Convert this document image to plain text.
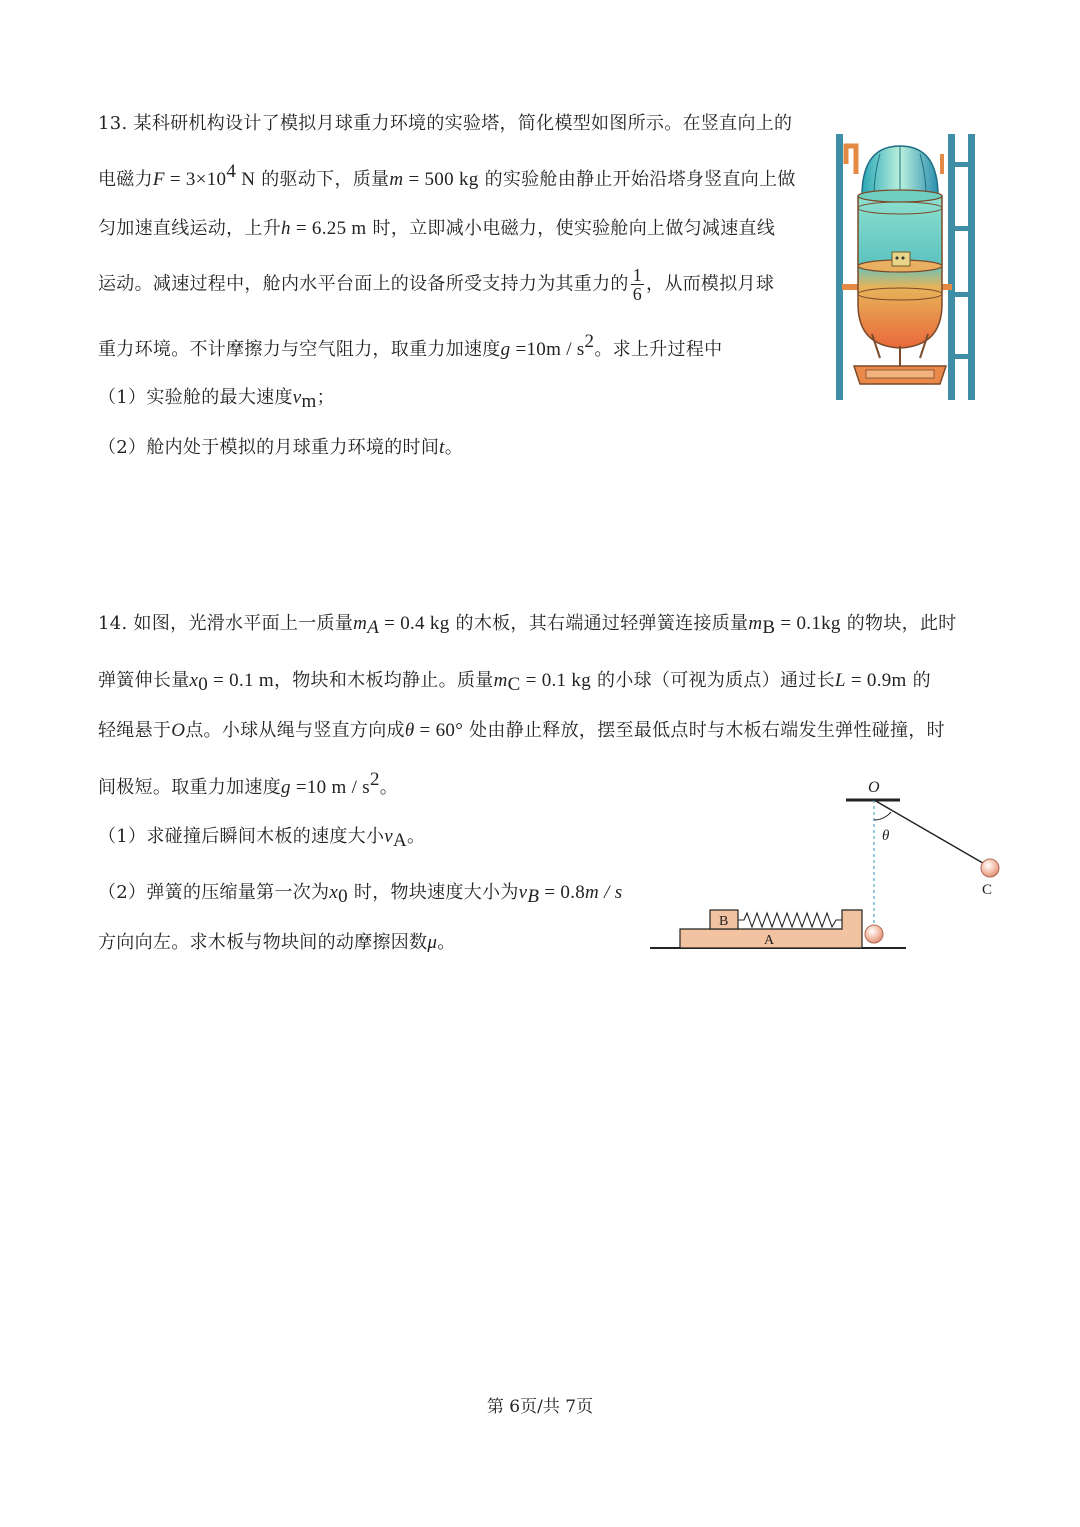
13. 某科研机构设计了模拟月球重力环境的实验塔，简化模型如图所示。在竖直向上的
电磁力$F = 3\times 10^4$ N 的驱动下，质量m = 500 kg 的实验舱由静止开始沿塔身竖直向上做
匀加速直线运动，上升h = 6.25 m 时，立即减小电磁力，使实验舱向上做匀减速直线
运动。减速过程中，舱内水平台面上的设备所受支持力为其重力的 $\frac{1}{6}$ ，从而模拟月球
重力环境。不计摩擦力与空气阻力，取重力加速度$g =10m / s^2$。求上升过程中
（1）实验舱的最大速度$v_m$；
（2）舱内处于模拟的月球重力环境的时间t。
14. 如图，光滑水平面上一质量$m_A = 0.4$ kg 的木板，其右端通过轻弹簧连接质量$m_B = 0.1kg$ 的物块，此时
弹簧伸长量$x_0 = 0.1$ m，物块和木板均静止。质量$m_C = 0.1$ kg 的小球（可视为质点）通过长L = 0.9m 的
轻绳悬于O点。小球从绳与竖直方向成θ = 60° 处由静止释放，摆至最低点时与木板右端发生弹性碰撞，时
间极短。取重力加速度g =10 m / $s^2$。
（1）求碰撞后瞬间木板的速度大小$v_A$。
（2）弹簧的压缩量第一次为$x_0$ 时，物块速度大小为$v_B = 0.8m / s$
方向向左。求木板与物块间的动摩擦因数μ。
O
θ
C
A
B
第 6页/共 7页
